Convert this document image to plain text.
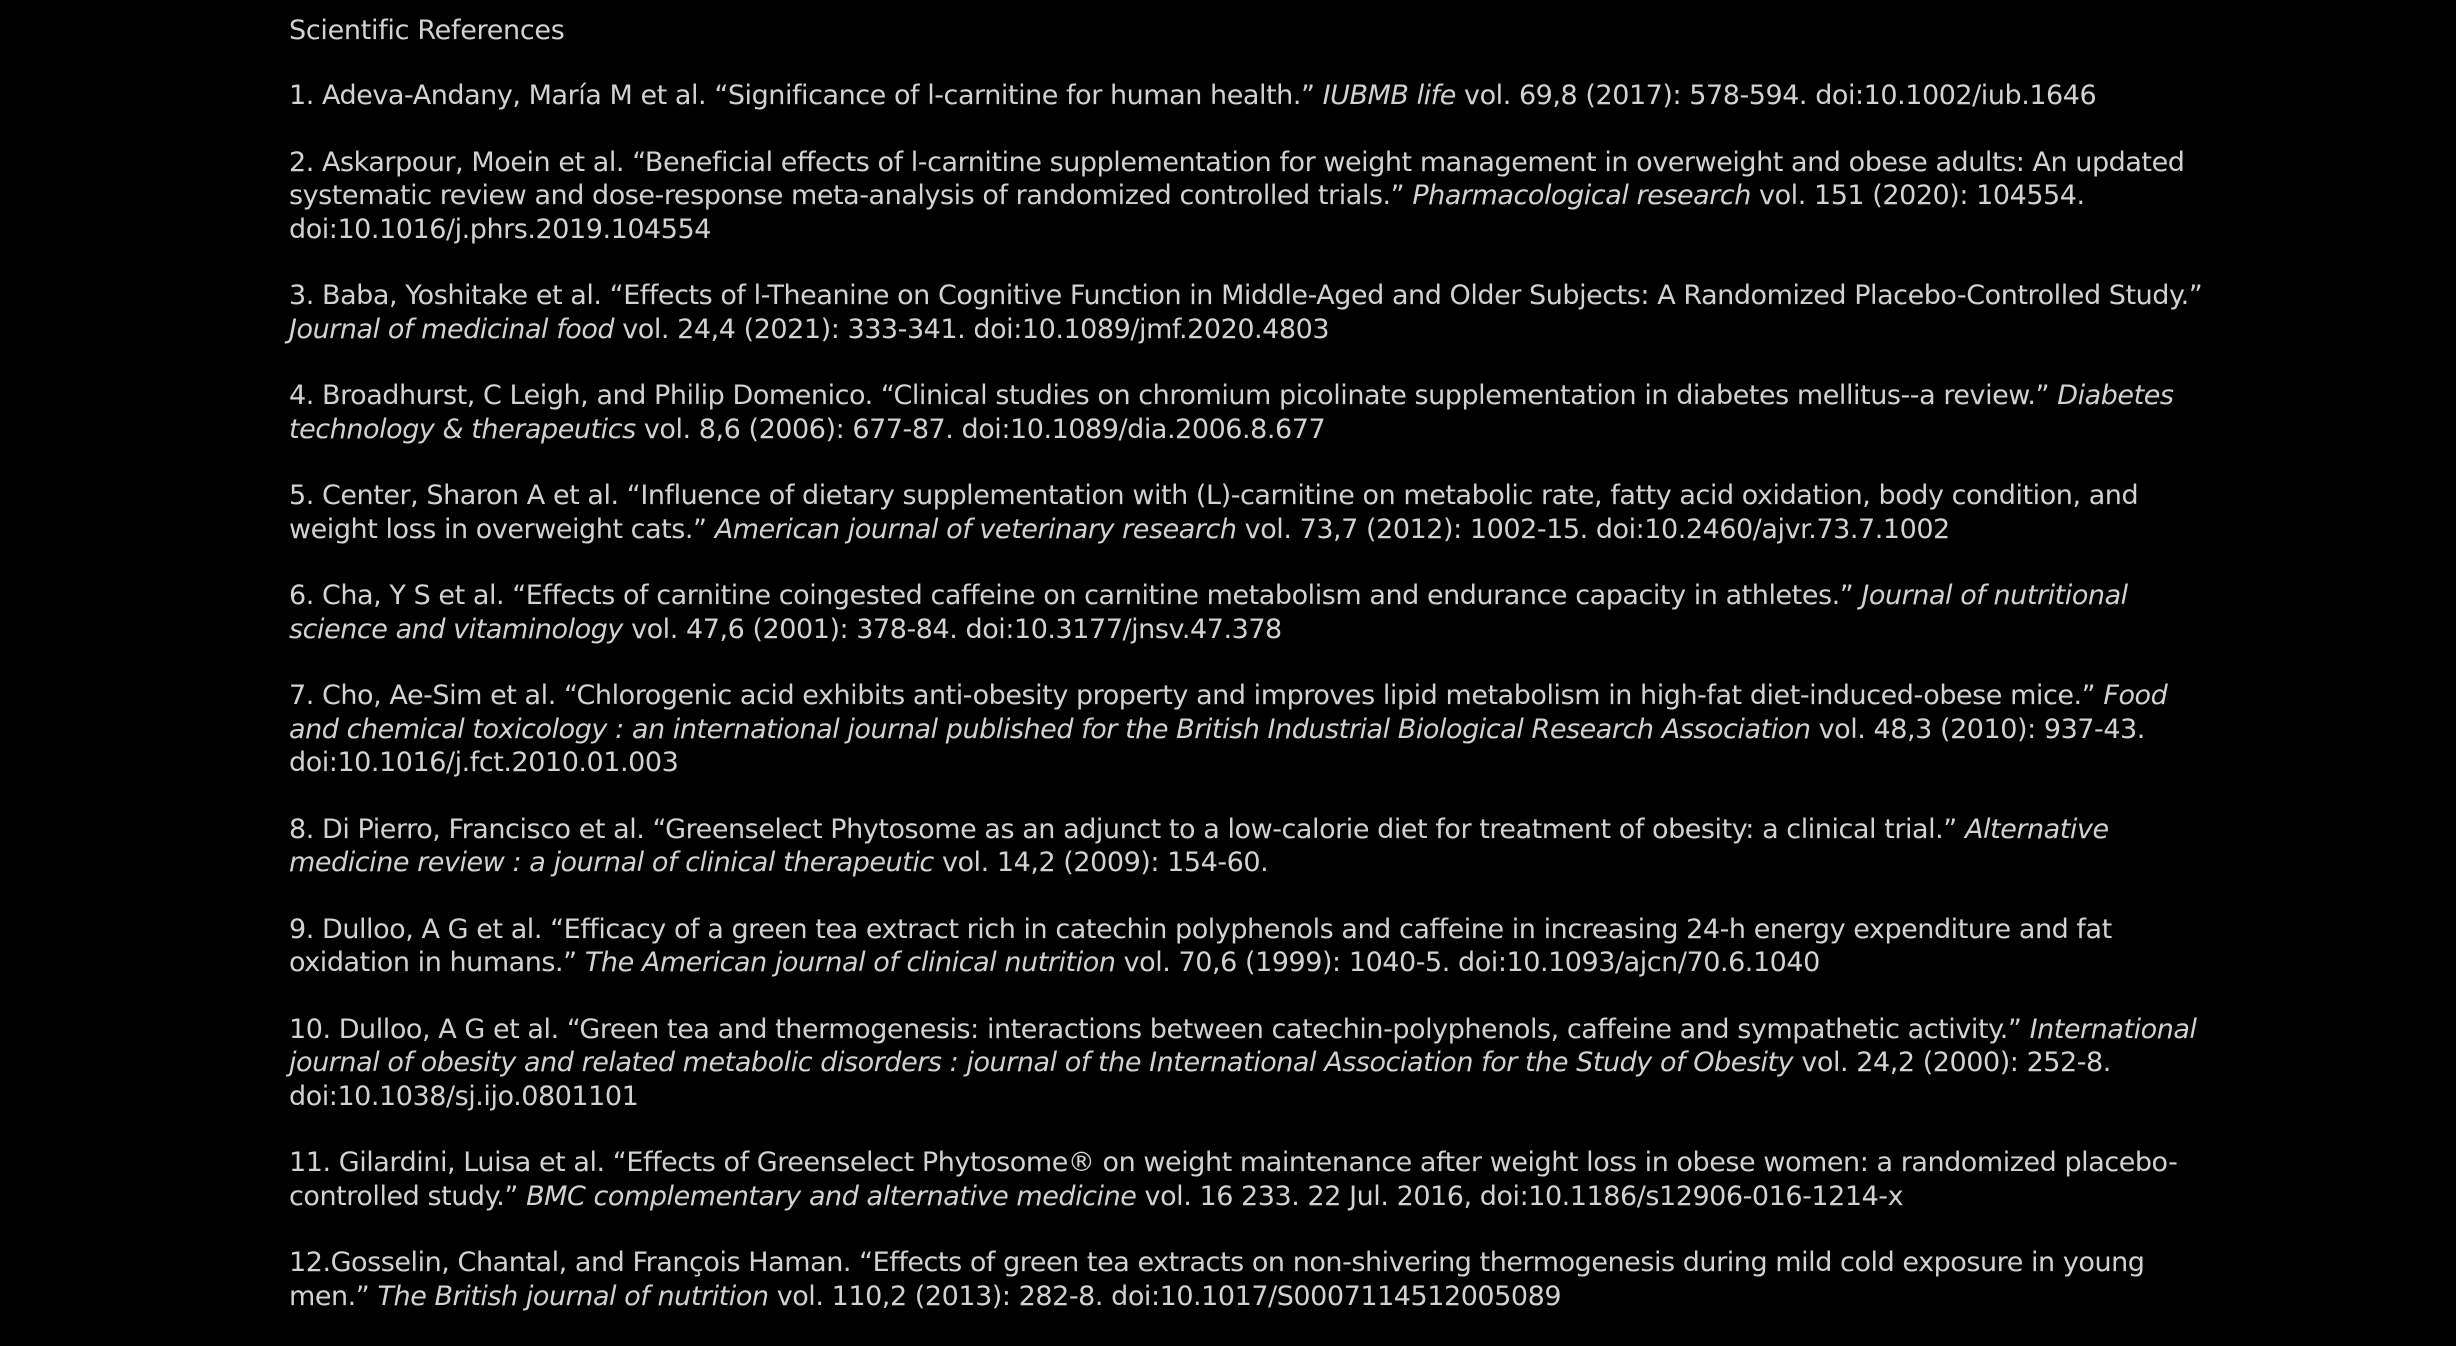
Scientific References
1. Adeva-Andany, María M et al. “Significance of l-carnitine for human health.” IUBMB life vol. 69,8 (2017): 578-594. doi:10.1002/iub.1646
2. Askarpour, Moein et al. “Beneficial effects of l-carnitine supplementation for weight management in overweight and obese adults: An updated systematic review and dose-response meta-analysis of randomized controlled trials.” Pharmacological research vol. 151 (2020): 104554. doi:10.1016/j.phrs.2019.104554
3. Baba, Yoshitake et al. “Effects of l-Theanine on Cognitive Function in Middle-Aged and Older Subjects: A Randomized Placebo-Controlled Study.” Journal of medicinal food vol. 24,4 (2021): 333-341. doi:10.1089/jmf.2020.4803
4. Broadhurst, C Leigh, and Philip Domenico. “Clinical studies on chromium picolinate supplementation in diabetes mellitus--a review.” Diabetes technology & therapeutics vol. 8,6 (2006): 677-87. doi:10.1089/dia.2006.8.677
5. Center, Sharon A et al. “Influence of dietary supplementation with (L)-carnitine on metabolic rate, fatty acid oxidation, body condition, and weight loss in overweight cats.” American journal of veterinary research vol. 73,7 (2012): 1002-15. doi:10.2460/ajvr.73.7.1002
6. Cha, Y S et al. “Effects of carnitine coingested caffeine on carnitine metabolism and endurance capacity in athletes.” Journal of nutritional science and vitaminology vol. 47,6 (2001): 378-84. doi:10.3177/jnsv.47.378
7. Cho, Ae-Sim et al. “Chlorogenic acid exhibits anti-obesity property and improves lipid metabolism in high-fat diet-induced-obese mice.” Food and chemical toxicology : an international journal published for the British Industrial Biological Research Association vol. 48,3 (2010): 937-43. doi:10.1016/j.fct.2010.01.003
8. Di Pierro, Francisco et al. “Greenselect Phytosome as an adjunct to a low-calorie diet for treatment of obesity: a clinical trial.” Alternative medicine review : a journal of clinical therapeutic vol. 14,2 (2009): 154-60.
9. Dulloo, A G et al. “Efficacy of a green tea extract rich in catechin polyphenols and caffeine in increasing 24-h energy expenditure and fat oxidation in humans.” The American journal of clinical nutrition vol. 70,6 (1999): 1040-5. doi:10.1093/ajcn/70.6.1040
10. Dulloo, A G et al. “Green tea and thermogenesis: interactions between catechin-polyphenols, caffeine and sympathetic activity.” International journal of obesity and related metabolic disorders : journal of the International Association for the Study of Obesity vol. 24,2 (2000): 252-8. doi:10.1038/sj.ijo.0801101
11. Gilardini, Luisa et al. “Effects of Greenselect Phytosome® on weight maintenance after weight loss in obese women: a randomized placebo-controlled study.” BMC complementary and alternative medicine vol. 16 233. 22 Jul. 2016, doi:10.1186/s12906-016-1214-x
12.Gosselin, Chantal, and François Haman. “Effects of green tea extracts on non-shivering thermogenesis during mild cold exposure in young men.” The British journal of nutrition vol. 110,2 (2013): 282-8. doi:10.1017/S0007114512005089
